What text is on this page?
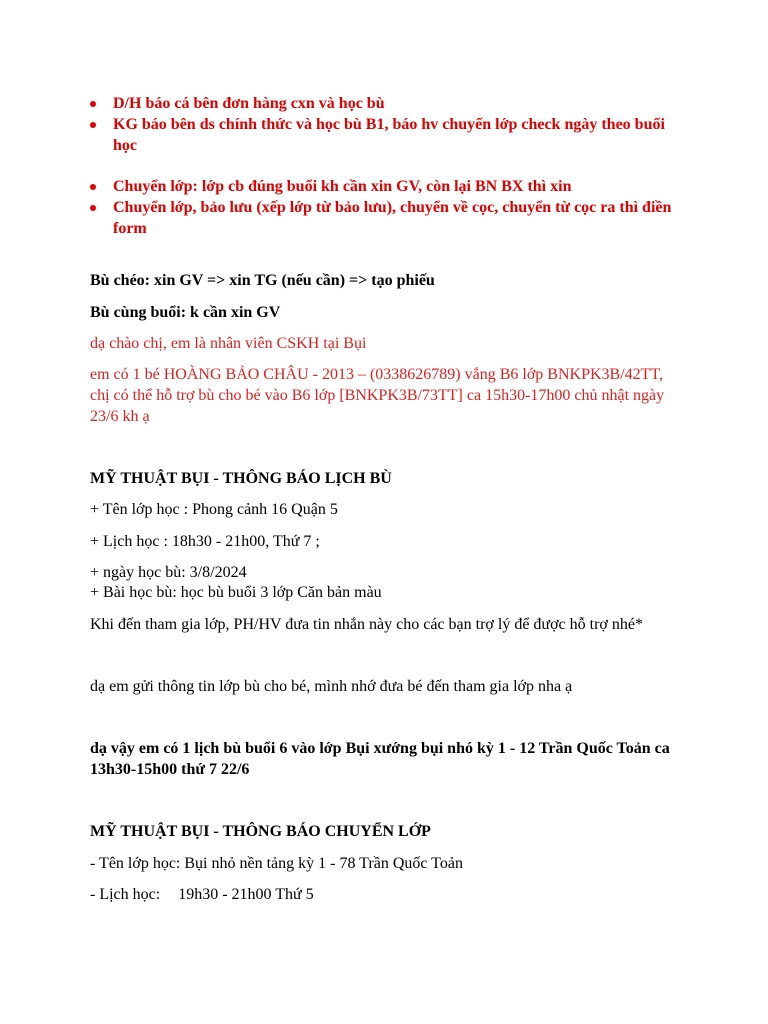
D/H báo cá bên đơn hàng cxn và học bù
KG báo bên ds chính thức và học bù B1, báo hv chuyển lớp check ngày theo buổi học
Chuyển lớp: lớp cb đúng buổi kh cần xin GV, còn lại BN BX thì xin
Chuyển lớp, bảo lưu (xếp lớp từ bảo lưu), chuyển về cọc, chuyển từ cọc ra thì điền form
Bù chéo: xin GV => xin TG (nếu cần) => tạo phiếu
Bù cùng buổi: k cần xin GV
dạ chào chị, em là nhân viên CSKH tại Bụi
em có 1 bé HOÀNG BẢO CHÂU - 2013 – (0338626789) vắng B6 lớp BNKPK3B/42TT, chị có thể hỗ trợ bù cho bé vào B6 lớp [BNKPK3B/73TT] ca 15h30-17h00 chủ nhật ngày 23/6 kh ạ
MỸ THUẬT BỤI - THÔNG BÁO LỊCH BÙ
+ Tên lớp học : Phong cảnh 16 Quận 5
+ Lịch học : 18h30 - 21h00, Thứ 7 ;
+ ngày học bù: 3/8/2024
+ Bài học bù: học bù buổi 3 lớp Căn bản màu
Khi đến tham gia lớp, PH/HV đưa tin nhắn này cho các bạn trợ lý để được hỗ trợ nhé*
dạ em gửi thông tin lớp bù cho bé, mình nhớ đưa bé đến tham gia lớp nha ạ
dạ vậy em có 1 lịch bù buổi 6 vào lớp Bụi xướng bụi nhó kỳ 1 - 12 Trần Quốc Toản ca 13h30-15h00 thứ 7 22/6
MỸ THUẬT BỤI - THÔNG BÁO CHUYỂN LỚP
- Tên lớp học: Bụi nhỏ nền tảng kỳ 1 - 78 Trần Quốc Toản
- Lịch học: 19h30 - 21h00 Thứ 5
